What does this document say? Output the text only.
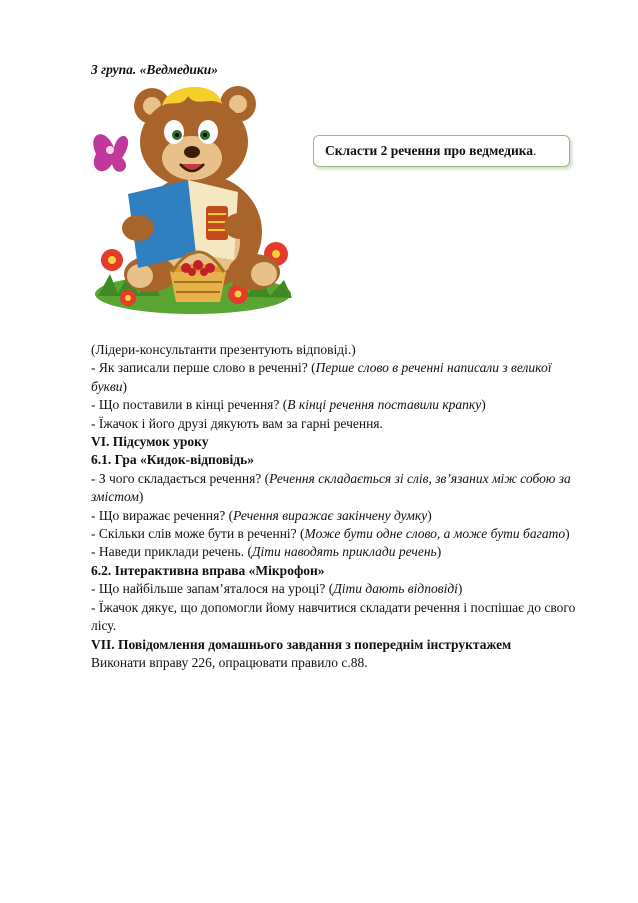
3 група. «Ведмедики»
Скласти 2 речення про ведмедика.

(Лідери-консультанти презентують відповіді.)

- Як записали перше слово в реченні? (Перше слово в реченні написали з великої букви)

- Що поставили в кінці речення? (В кінці речення поставили крапку)

- Їжачок і його друзі дякують вам за гарні речення.

VI. Підсумок уроку

6.1. Гра «Кидок-відповідь»

- З чого складається речення? (Речення складається зі слів, зв’язаних між собою за змістом)

- Що виражає речення? (Речення виражає закінчену думку)

- Скільки слів може бути в реченні? (Може бути одне слово, а може бути багато)

- Наведи приклади речень. (Діти наводять приклади речень)

6.2. Інтерактивна вправа «Мікрофон»

- Що найбільше запам’яталося на уроці? (Діти дають відповіді)

- Їжачок дякує, що допомогли йому навчитися складати речення і поспішає до свого лісу.

VII. Повідомлення домашнього завдання з попереднім інструктажем

Виконати вправу 226, опрацювати правило с.88.
